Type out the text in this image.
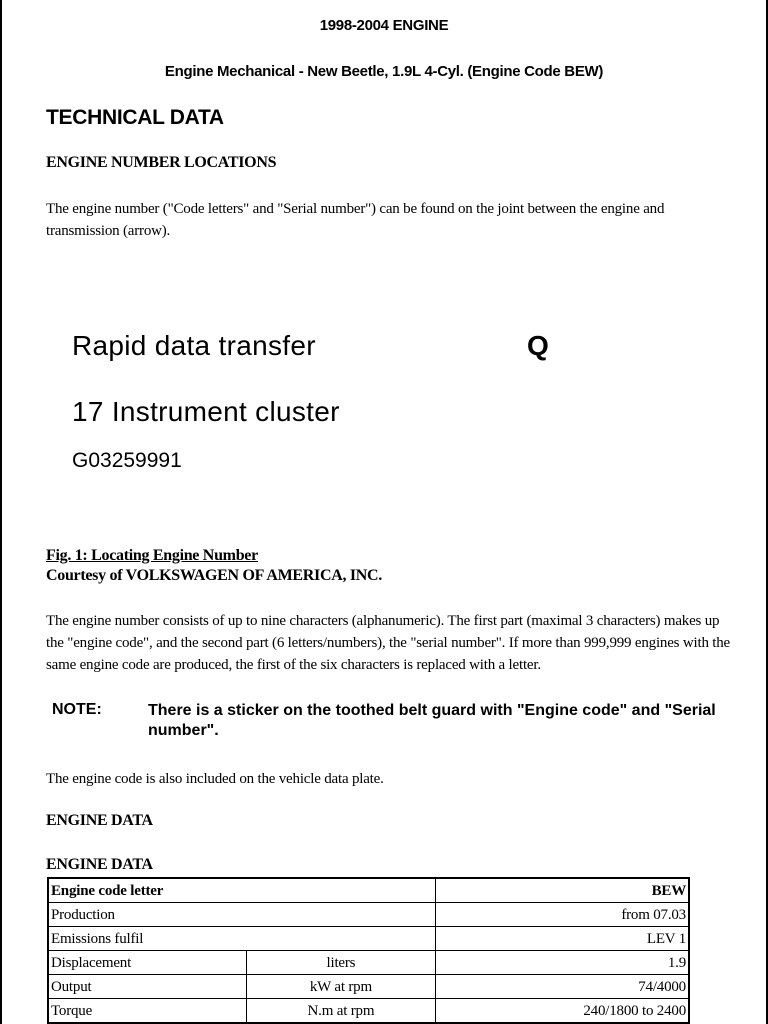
1998-2004 ENGINE
Engine Mechanical - New Beetle, 1.9L 4-Cyl. (Engine Code BEW)
TECHNICAL DATA
ENGINE NUMBER LOCATIONS
The engine number ("Code letters" and "Serial number") can be found on the joint between the engine and transmission (arrow).
Rapid data transfer	Q
17 Instrument cluster
G03259991
Fig. 1: Locating Engine Number
Courtesy of VOLKSWAGEN OF AMERICA, INC.
The engine number consists of up to nine characters (alphanumeric). The first part (maximal 3 characters) makes up the "engine code", and the second part (6 letters/numbers), the "serial number". If more than 999,999 engines with the same engine code are produced, the first of the six characters is replaced with a letter.
NOTE:	There is a sticker on the toothed belt guard with "Engine code" and "Serial number".
The engine code is also included on the vehicle data plate.
ENGINE DATA
ENGINE DATA
Engine code letter		BEW
Production		from 07.03
Emissions fulfil		LEV 1
Displacement	liters	1.9
Output	kW at rpm	74/4000
Torque	N.m at rpm	240/1800 to 2400
